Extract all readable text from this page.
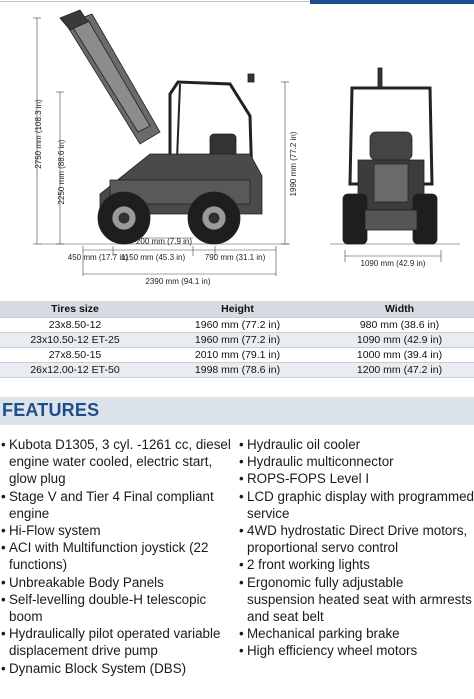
2750 mm (108.3 in)
2250 mm (88.6 in)	1990 mm (77.2 in)
200 mm (7.9 in)
450 mm (17.7 in)
1150 mm (45.3 in) 790 mm (31.1 in)
2390 mm (94.1 in)
1090 mm (42.9 in)
Tires size	Height	Width
23x8.50-12	1960 mm (77.2 in)	980 mm (38.6 in)
23x10.50-12 ET-25	1960 mm (77.2 in)	1090 mm (42.9 in)
27x8.50-15	2010 mm (79.1 in)	1000 mm (39.4 in)
26x12.00-12 ET-50	1998 mm (78.6 in)	1200 mm (47.2 in)
FEATURES
• Kubota D1305, 3 cyl. -1261 cc, diesel engine water cooled, electric start, glow plug
• Stage V and Tier 4 Final compliant engine
• Hi-Flow system
• ACI with Multifunction joystick (22 functions)
• Unbreakable Body Panels
• Self-levelling double-H telescopic boom
• Hydraulically pilot operated variable displacement drive pump
• Dynamic Block System (DBS)
• Hydraulic oil cooler
• Hydraulic multiconnector
• ROPS-FOPS Level I
• LCD graphic display with programmed service
• 4WD hydrostatic Direct Drive motors, proportional servo control
• 2 front working lights
• Ergonomic fully adjustable suspension heated seat with armrests and seat belt
• Mechanical parking brake
• High efficiency wheel motors
